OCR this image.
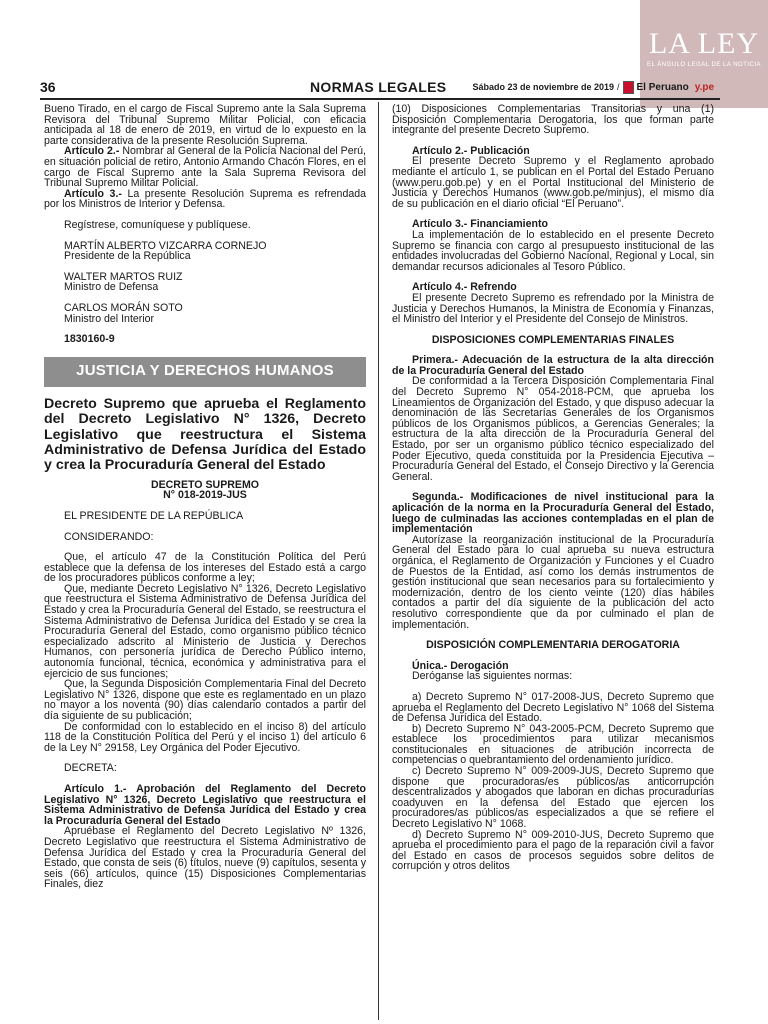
LA LEY
EL ÁNGULO LEGAL DE LA NOTICIA
36	NORMAS LEGALES	Sábado 23 de noviembre de 2019 / El Peruano y.pe

Bueno Tirado, en el cargo de Fiscal Supremo ante la Sala Suprema Revisora del Tribunal Supremo Militar Policial, con eficacia anticipada al 18 de enero de 2019, en virtud de lo expuesto en la parte considerativa de la presente Resolución Suprema.

Artículo 2.- Nombrar al General de la Policía Nacional del Perú, en situación policial de retiro, Antonio Armando Chacón Flores, en el cargo de Fiscal Supremo ante la Sala Suprema Revisora del Tribunal Supremo Militar Policial.

Artículo 3.- La presente Resolución Suprema es refrendada por los Ministros de Interior y Defensa.

Regístrese, comuníquese y publíquese.

MARTÍN ALBERTO VIZCARRA CORNEJO

Presidente de la República

WALTER MARTOS RUIZ

Ministro de Defensa

CARLOS MORÁN SOTO

Ministro del Interior

1830160-9

JUSTICIA Y DERECHOS HUMANOS

Decreto Supremo que aprueba el Reglamento del Decreto Legislativo N° 1326, Decreto Legislativo que reestructura el Sistema Administrativo de Defensa Jurídica del Estado y crea la Procuraduría General del Estado

DECRETO SUPREMO

N° 018-2019-JUS

EL PRESIDENTE DE LA REPÚBLICA

CONSIDERANDO:

Que, el artículo 47 de la Constitución Política del Perú establece que la defensa de los intereses del Estado está a cargo de los procuradores públicos conforme a ley;

Que, mediante Decreto Legislativo N° 1326, Decreto Legislativo que reestructura el Sistema Administrativo de Defensa Jurídica del Estado y crea la Procuraduría General del Estado, se reestructura el Sistema Administrativo de Defensa Jurídica del Estado y se crea la Procuraduría General del Estado, como organismo público técnico especializado adscrito al Ministerio de Justicia y Derechos Humanos, con personería jurídica de Derecho Público interno, autonomía funcional, técnica, económica y administrativa para el ejercicio de sus funciones;

Que, la Segunda Disposición Complementaria Final del Decreto Legislativo N° 1326, dispone que este es reglamentado en un plazo no mayor a los noventa (90) días calendario contados a partir del día siguiente de su publicación;

De conformidad con lo establecido en el inciso 8) del artículo 118 de la Constitución Política del Perú y el inciso 1) del artículo 6 de la Ley N° 29158, Ley Orgánica del Poder Ejecutivo.

DECRETA:

Artículo 1.- Aprobación del Reglamento del Decreto Legislativo N° 1326, Decreto Legislativo que reestructura el Sistema Administrativo de Defensa Jurídica del Estado y crea la Procuraduría General del Estado

Apruébase el Reglamento del Decreto Legislativo Nº 1326, Decreto Legislativo que reestructura el Sistema Administrativo de Defensa Jurídica del Estado y crea la Procuraduría General del Estado, que consta de seis (6) títulos, nueve (9) capítulos, sesenta y seis (66) artículos, quince (15) Disposiciones Complementarias Finales, diez

(10) Disposiciones Complementarias Transitorias y una (1) Disposición Complementaria Derogatoria, los que forman parte integrante del presente Decreto Supremo.

Artículo 2.- Publicación

El presente Decreto Supremo y el Reglamento aprobado mediante el artículo 1, se publican en el Portal del Estado Peruano (www.peru.gob.pe) y en el Portal Institucional del Ministerio de Justicia y Derechos Humanos (www.gob.pe/minjus), el mismo día de su publicación en el diario oficial “El Peruano”.

Artículo 3.- Financiamiento

La implementación de lo establecido en el presente Decreto Supremo se financia con cargo al presupuesto institucional de las entidades involucradas del Gobierno Nacional, Regional y Local, sin demandar recursos adicionales al Tesoro Público.

Artículo 4.- Refrendo

El presente Decreto Supremo es refrendado por la Ministra de Justicia y Derechos Humanos, la Ministra de Economía y Finanzas, el Ministro del Interior y el Presidente del Consejo de Ministros.

DISPOSICIONES COMPLEMENTARIAS FINALES

Primera.- Adecuación de la estructura de la alta dirección de la Procuraduría General del Estado

De conformidad a la Tercera Disposición Complementaria Final del Decreto Supremo N° 054-2018-PCM, que aprueba los Lineamientos de Organización del Estado, y que dispuso adecuar la denominación de las Secretarías Generales de los Organismos públicos de los Organismos públicos, a Gerencias Generales; la estructura de la alta dirección de la Procuraduría General del Estado, por ser un organismo público técnico especializado del Poder Ejecutivo, queda constituida por la Presidencia Ejecutiva – Procuraduría General del Estado, el Consejo Directivo y la Gerencia General.

Segunda.- Modificaciones de nivel institucional para la aplicación de la norma en la Procuraduría General del Estado, luego de culminadas las acciones contempladas en el plan de implementación

Autorízase la reorganización institucional de la Procuraduría General del Estado para lo cual aprueba su nueva estructura orgánica, el Reglamento de Organización y Funciones y el Cuadro de Puestos de la Entidad, así como los demás instrumentos de gestión institucional que sean necesarios para su fortalecimiento y modernización, dentro de los ciento veinte (120) días hábiles contados a partir del día siguiente de la publicación del acto resolutivo correspondiente que da por culminado el plan de implementación.

DISPOSICIÓN COMPLEMENTARIA DEROGATORIA

Única.- Derogación

Deróganse las siguientes normas:

a) Decreto Supremo N° 017-2008-JUS, Decreto Supremo que aprueba el Reglamento del Decreto Legislativo N° 1068 del Sistema de Defensa Jurídica del Estado.

b) Decreto Supremo N° 043-2005-PCM, Decreto Supremo que establece los procedimientos para utilizar mecanismos constitucionales en situaciones de atribución incorrecta de competencias o quebrantamiento del ordenamiento jurídico.

c) Decreto Supremo N° 009-2009-JUS, Decreto Supremo que dispone que procuradoras/es públicos/as anticorrupción descentralizados y abogados que laboran en dichas procuradurías coadyuven en la defensa del Estado que ejercen los procuradores/as públicos/as especializados a que se refiere el Decreto Legislativo N° 1068.

d) Decreto Supremo N° 009-2010-JUS, Decreto Supremo que aprueba el procedimiento para el pago de la reparación civil a favor del Estado en casos de procesos seguidos sobre delitos de corrupción y otros delitos
